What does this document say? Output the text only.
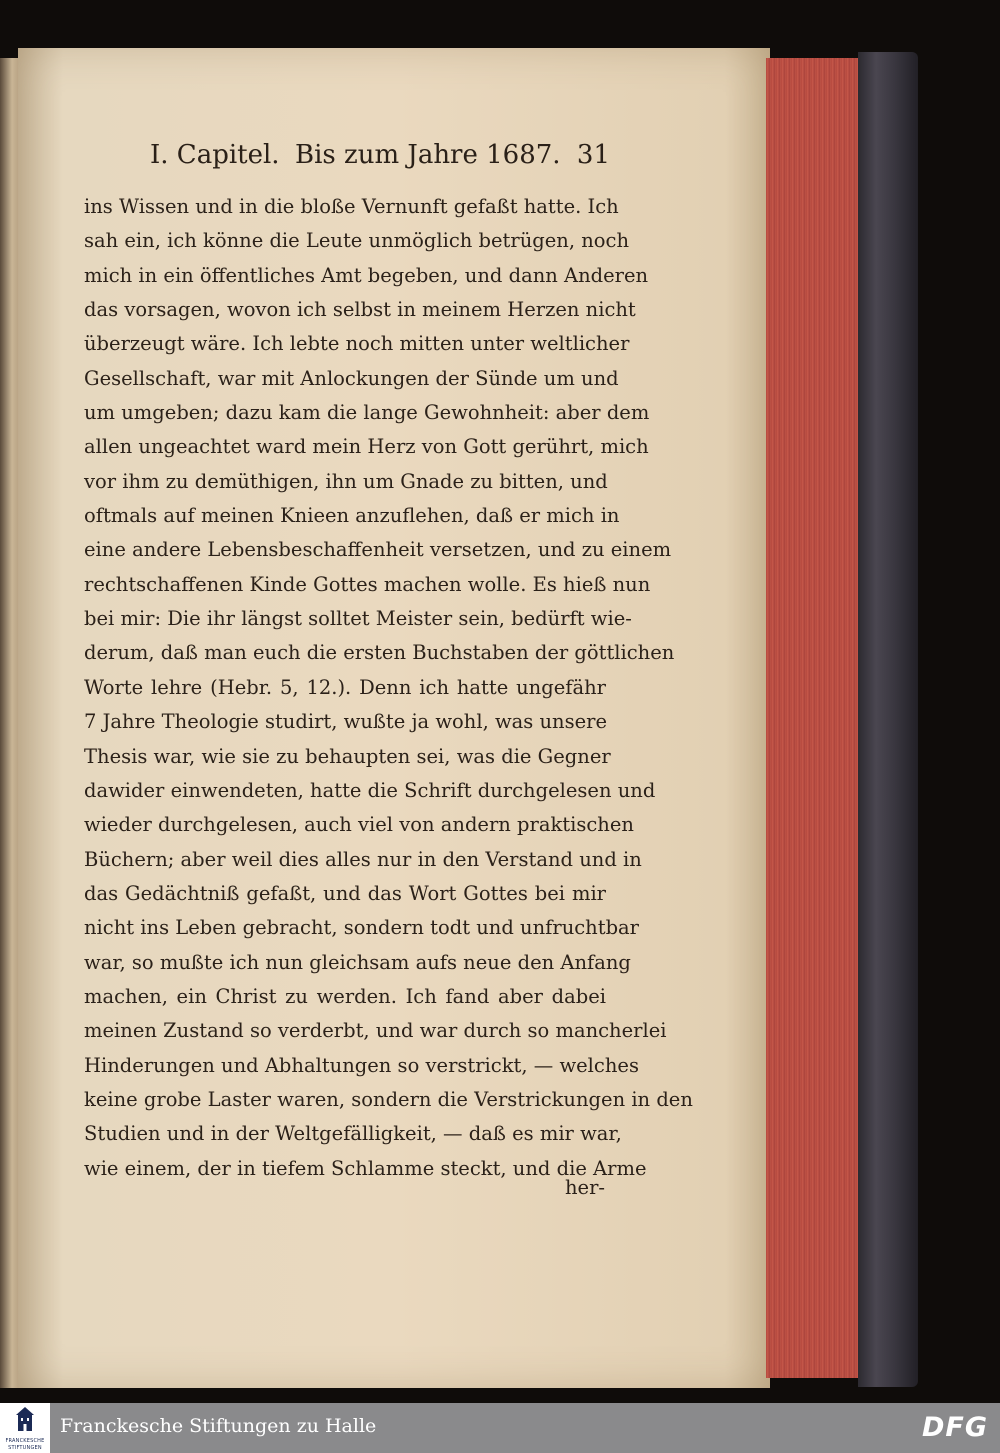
I. Capitel. Bis zum Jahre 1687. 31
ins Wissen und in die bloße Vernunft gefaßt hatte. Ich
sah ein, ich könne die Leute unmöglich betrügen, noch
mich in ein öffentliches Amt begeben, und dann Anderen
das vorsagen, wovon ich selbst in meinem Herzen nicht
überzeugt wäre. Ich lebte noch mitten unter weltlicher
Gesellschaft, war mit Anlockungen der Sünde um und
um umgeben; dazu kam die lange Gewohnheit: aber dem
allen ungeachtet ward mein Herz von Gott gerührt, mich
vor ihm zu demüthigen, ihn um Gnade zu bitten, und
oftmals auf meinen Knieen anzuflehen, daß er mich in
eine andere Lebensbeschaffenheit versetzen, und zu einem
rechtschaffenen Kinde Gottes machen wolle. Es hieß nun
bei mir: Die ihr längst solltet Meister sein, bedürft wie-
derum, daß man euch die ersten Buchstaben der göttlichen
Worte lehre (Hebr. 5, 12.). Denn ich hatte ungefähr
7 Jahre Theologie studirt, wußte ja wohl, was unsere
Thesis war, wie sie zu behaupten sei, was die Gegner
dawider einwendeten, hatte die Schrift durchgelesen und
wieder durchgelesen, auch viel von andern praktischen
Büchern; aber weil dies alles nur in den Verstand und in
das Gedächtniß gefaßt, und das Wort Gottes bei mir
nicht ins Leben gebracht, sondern todt und unfruchtbar
war, so mußte ich nun gleichsam aufs neue den Anfang
machen, ein Christ zu werden. Ich fand aber dabei
meinen Zustand so verderbt, und war durch so mancherlei
Hinderungen und Abhaltungen so verstrickt, — welches
keine grobe Laster waren, sondern die Verstrickungen in den
Studien und in der Weltgefälligkeit, — daß es mir war,
wie einem, der in tiefem Schlamme steckt, und die Arme
her-
FRANCKESCHE
STIFTUNGEN
Franckesche Stiftungen zu Halle	DFG
